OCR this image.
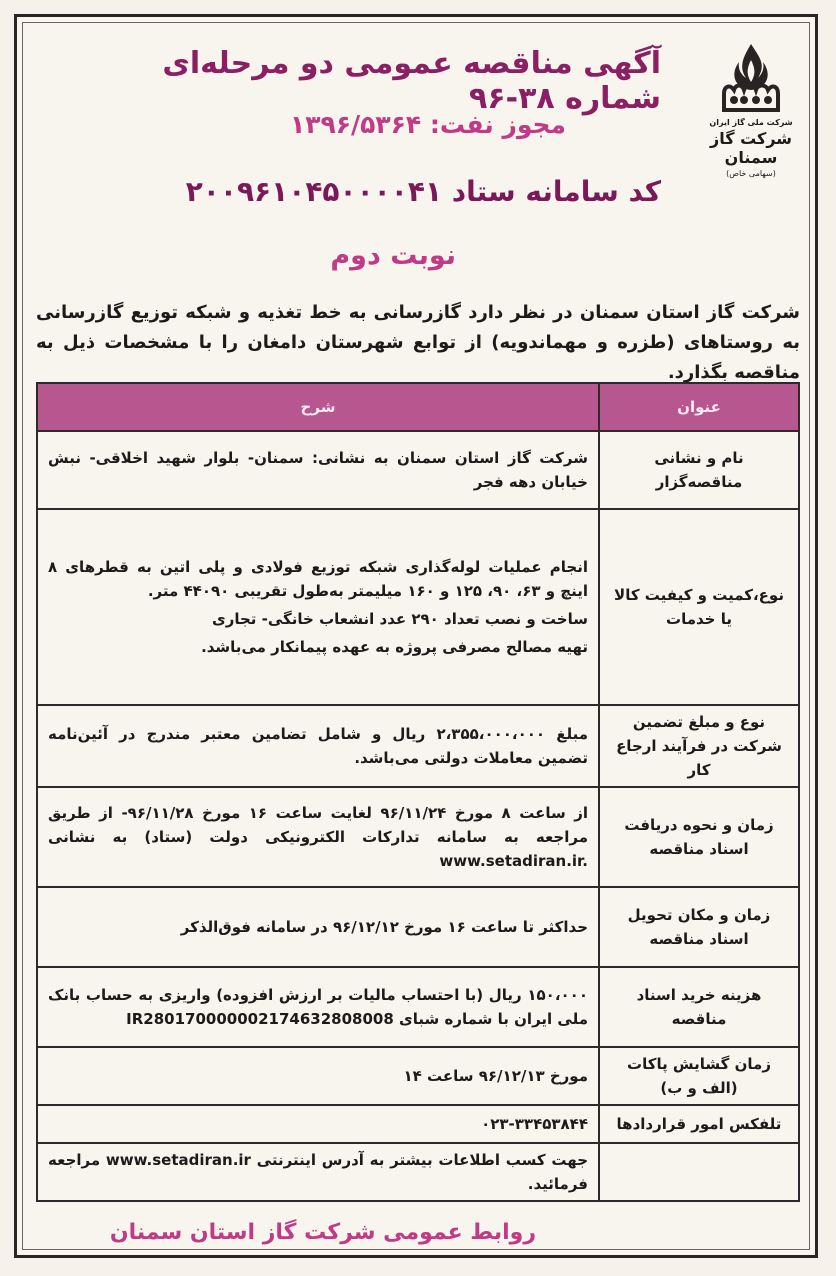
شرکت ملی گاز ایران
شرکت گاز سمنان
(سهامی خاص)
آگهی مناقصه عمومی دو مرحله‌ای شماره ۳۸-۹۶
مجوز نفت: ۱۳۹۶/۵۳۶۴
کد سامانه ستاد ۲۰۰۹۶۱۰۴۵۰۰۰۰۴۱
نوبت دوم
شرکت گاز استان سمنان در نظر دارد گازرسانی به خط تغذیه و شبکه توزیع گازرسانی به روستاهای (طزره و مهماندویه) از توابع شهرستان دامغان را با مشخصات ذیل به مناقصه بگذارد.
عنوان	شرح
نام و نشانی مناقصه‌گزار	شرکت گاز استان سمنان به نشانی: سمنان- بلوار شهید اخلاقی- نبش خیابان دهه فجر
نوع،کمیت و کیفیت کالا یا خدمات	انجام عملیات لوله‌گذاری شبکه توزیع فولادی و پلی اتین به قطرهای ۸ اینچ و ۶۳، ۹۰، ۱۲۵ و ۱۶۰ میلیمتر به‌طول تقریبی ۴۴۰۹۰ متر.

ساخت و نصب تعداد ۲۹۰ عدد انشعاب خانگی- تجاری

تهیه مصالح مصرفی پروژه به عهده پیمانکار می‌باشد.

نوع و مبلغ تضمین شرکت در فرآیند ارجاع کار	مبلغ ۲،۳۵۵،۰۰۰،۰۰۰ ریال و شامل تضامین معتبر مندرج در آئین‌نامه تضمین معاملات دولتی می‌باشد.
زمان و نحوه دریافت اسناد مناقصه	از ساعت ۸ مورخ ۹۶/۱۱/۲۴ لغایت ساعت ۱۶ مورخ ۹۶/۱۱/۲۸- از طریق مراجعه به سامانه تدارکات الکترونیکی دولت (ستاد) به نشانی www.setadiran.ir.
زمان و مکان تحویل اسناد مناقصه	حداکثر تا ساعت ۱۶ مورخ ۹۶/۱۲/۱۲ در سامانه فوق‌الذکر
هزینه خرید اسناد مناقصه	۱۵۰،۰۰۰ ریال (با احتساب مالیات بر ارزش افزوده) واریزی به حساب بانک ملی ایران با شماره شبای IR280170000002174632808008
زمان گشایش پاکات (الف و ب)	مورخ ۹۶/۱۲/۱۳ ساعت ۱۴
تلفکس امور قراردادها	۰۲۳-۳۳۴۵۳۸۴۴
	جهت کسب اطلاعات بیشتر به آدرس اینترنتی www.setadiran.ir مراجعه فرمائید.
روابط عمومی شرکت گاز استان سمنان
